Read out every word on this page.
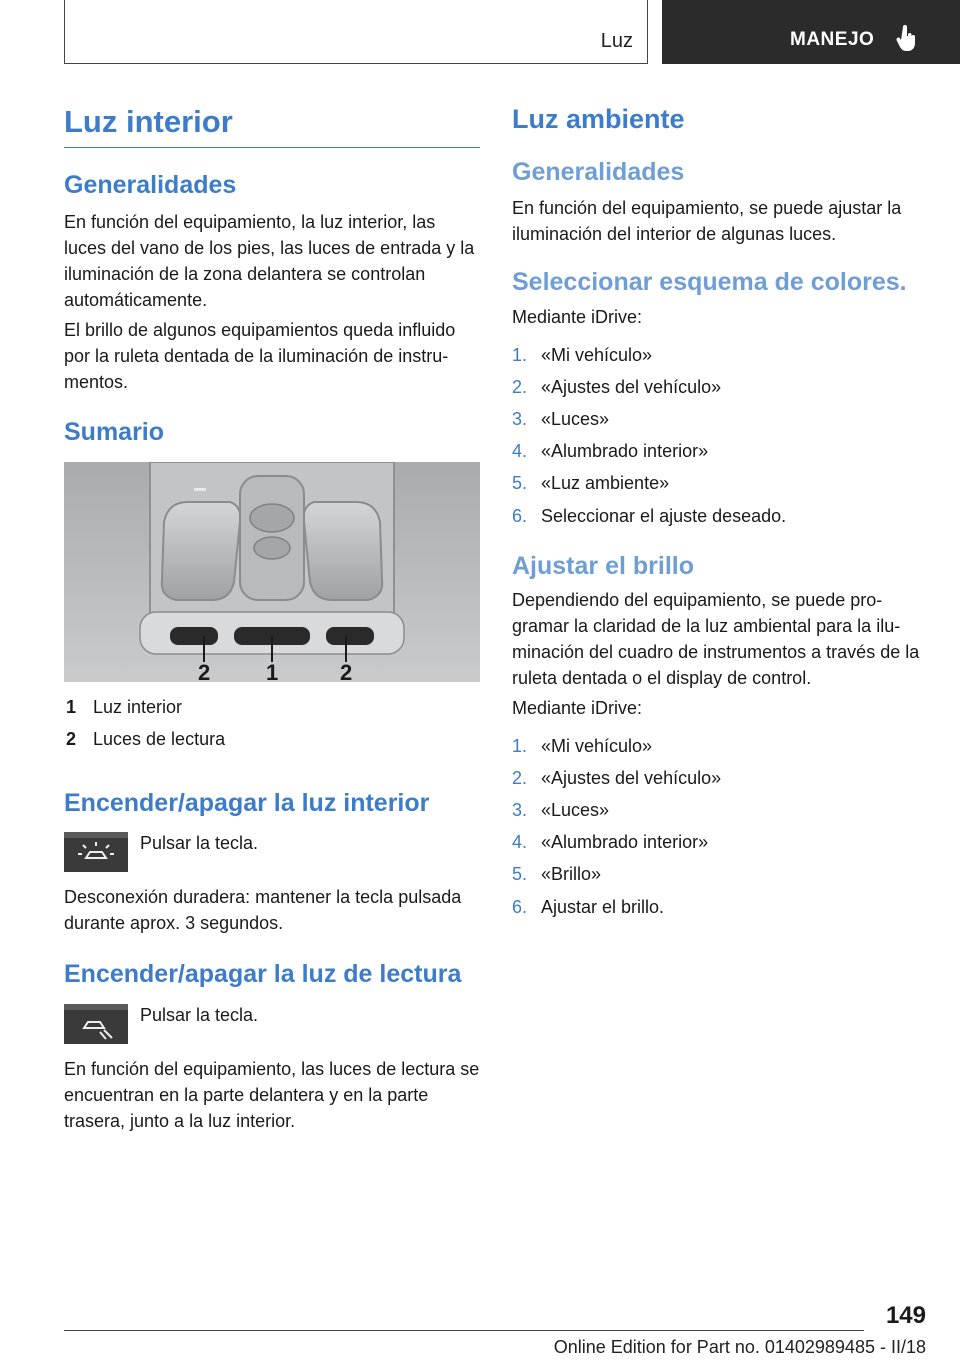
Luz	MANEJO
Luz interior
Generalidades
En función del equipamiento, la luz interior, las luces del vano de los pies, las luces de entrada y la iluminación de la zona delantera se controlan automáticamente.
El brillo de algunos equipamientos queda influido por la ruleta dentada de la iluminación de instru-mentos.
Sumario
2	1	2
1 Luz interior
2 Luces de lectura
Encender/apagar la luz interior
Pulsar la tecla.
Desconexión duradera: mantener la tecla pulsada durante aprox. 3 segundos.
Encender/apagar la luz de lectura
Pulsar la tecla.
En función del equipamiento, las luces de lectura se encuentran en la parte delantera y en la parte trasera, junto a la luz interior.
Luz ambiente
Generalidades
En función del equipamiento, se puede ajustar la iluminación del interior de algunas luces.
Seleccionar esquema de colores.
Mediante iDrive:
1. «Mi vehículo»
2. «Ajustes del vehículo»
3. «Luces»
4. «Alumbrado interior»
5. «Luz ambiente»
6. Seleccionar el ajuste deseado.
Ajustar el brillo
Dependiendo del equipamiento, se puede pro-gramar la claridad de la luz ambiental para la ilu-minación del cuadro de instrumentos a través de la ruleta dentada o el display de control.
Mediante iDrive:
1. «Mi vehículo»
2. «Ajustes del vehículo»
3. «Luces»
4. «Alumbrado interior»
5. «Brillo»
6. Ajustar el brillo.
149
Online Edition for Part no. 01402989485 - II/18
